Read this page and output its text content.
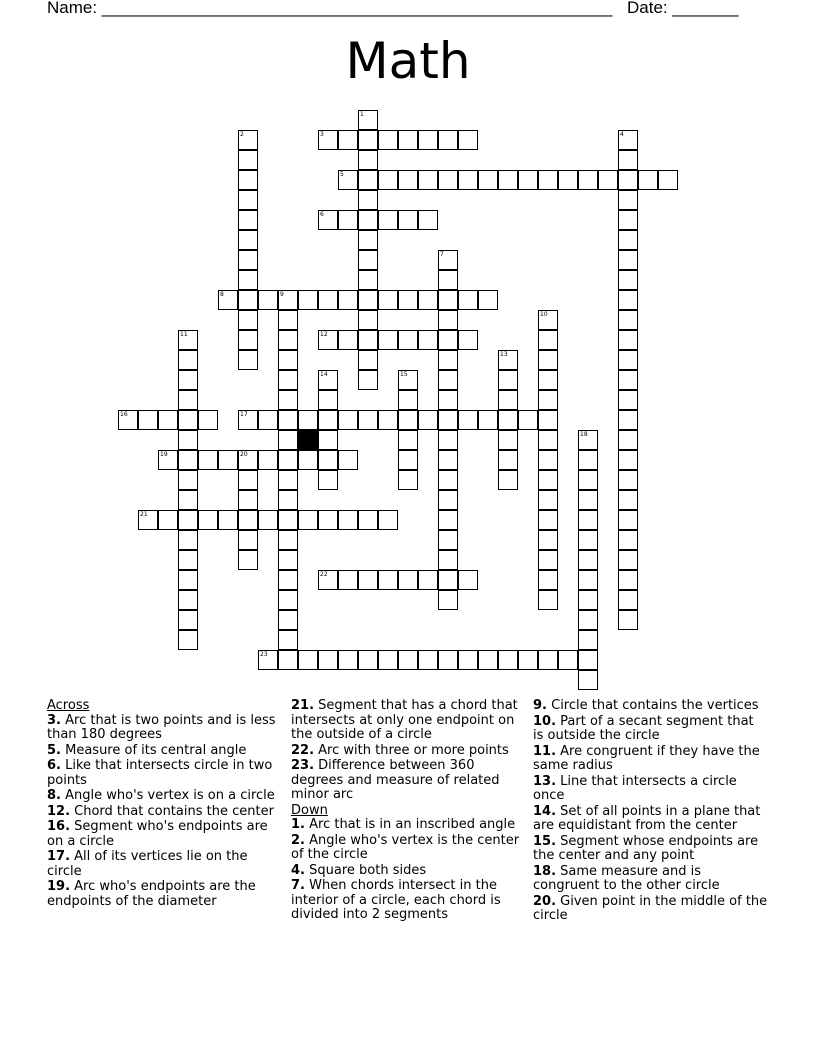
Name: ______________________________________________________ Date: _______
Math
1
2	3	4
5
6
7
8	9
10
11	12
13
14	15
16	17
18
19	20
21
22
23
Across
3. Arc that is two points and is less than 180 degrees
5. Measure of its central angle
6. Like that intersects circle in two points
8. Angle who's vertex is on a circle
12. Chord that contains the center
16. Segment who's endpoints are on a circle
17. All of its vertices lie on the circle
19. Arc who's endpoints are the endpoints of the diameter
21. Segment that has a chord that intersects at only one endpoint on the outside of a circle
22. Arc with three or more points
23. Difference between 360 degrees and measure of related minor arc
Down
1. Arc that is in an inscribed angle
2. Angle who's vertex is the center of the circle
4. Square both sides
7. When chords intersect in the interior of a circle, each chord is divided into 2 segments
9. Circle that contains the vertices
10. Part of a secant segment that is outside the circle
11. Are congruent if they have the same radius
13. Line that intersects a circle once
14. Set of all points in a plane that are equidistant from the center
15. Segment whose endpoints are the center and any point
18. Same measure and is congruent to the other circle
20. Given point in the middle of the circle
